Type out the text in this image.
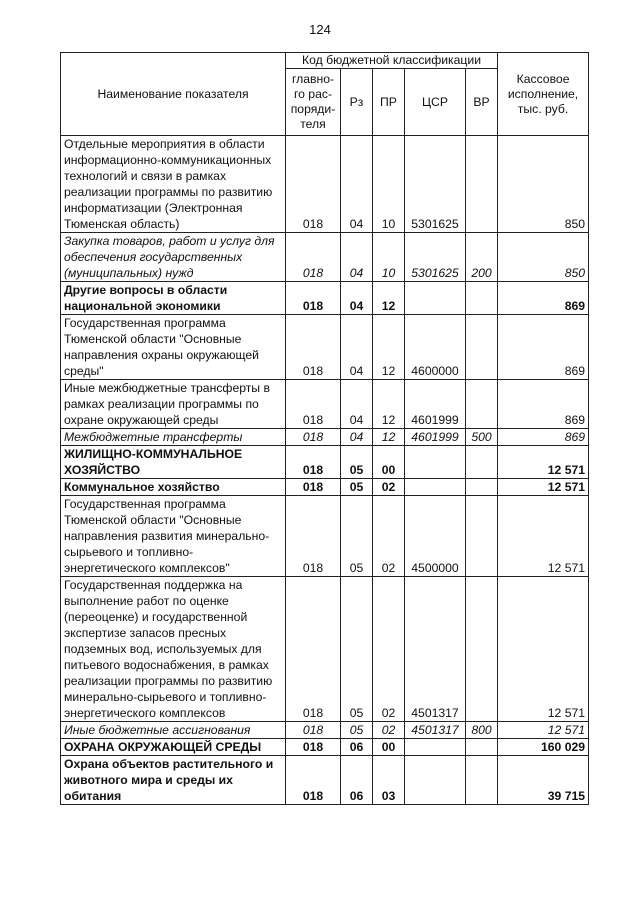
124
Наименование показателя	Код бюджетной классификации					Кассовое исполнение, тыс. руб.
	главно-го рас-поряди-теля	Рз	ПР	ЦСР	ВР	
Отдельные мероприятия в области информационно-коммуникационных технологий и связи в рамках реализации программы по развитию информатизации (Электронная Тюменская область)	018	04	10	5301625		850
Закупка товаров, работ и услуг для обеспечения государственных (муниципальных) нужд	018	04	10	5301625	200	850
Другие вопросы в области национальной экономики	018	04	12			869
Государственная программа Тюменской области "Основные направления охраны окружающей среды"	018	04	12	4600000		869
Иные межбюджетные трансферты в рамках реализации программы по охране окружающей среды	018	04	12	4601999		869
Межбюджетные трансферты	018	04	12	4601999	500	869
ЖИЛИЩНО-КОММУНАЛЬНОЕ ХОЗЯЙСТВО	018	05	00			12 571
Коммунальное хозяйство	018	05	02			12 571
Государственная программа Тюменской области "Основные направления развития минерально-сырьевого и топливно-энергетического комплексов"	018	05	02	4500000		12 571
Государственная поддержка на выполнение работ по оценке (переоценке) и государственной экспертизе запасов пресных подземных вод, используемых для питьевого водоснабжения, в рамках реализации программы по развитию минерально-сырьевого и топливно-энергетического комплексов	018	05	02	4501317		12 571
Иные бюджетные ассигнования	018	05	02	4501317	800	12 571
ОХРАНА ОКРУЖАЮЩЕЙ СРЕДЫ	018	06	00			160 029
Охрана объектов растительного и животного мира и среды их обитания	018	06	03			39 715
